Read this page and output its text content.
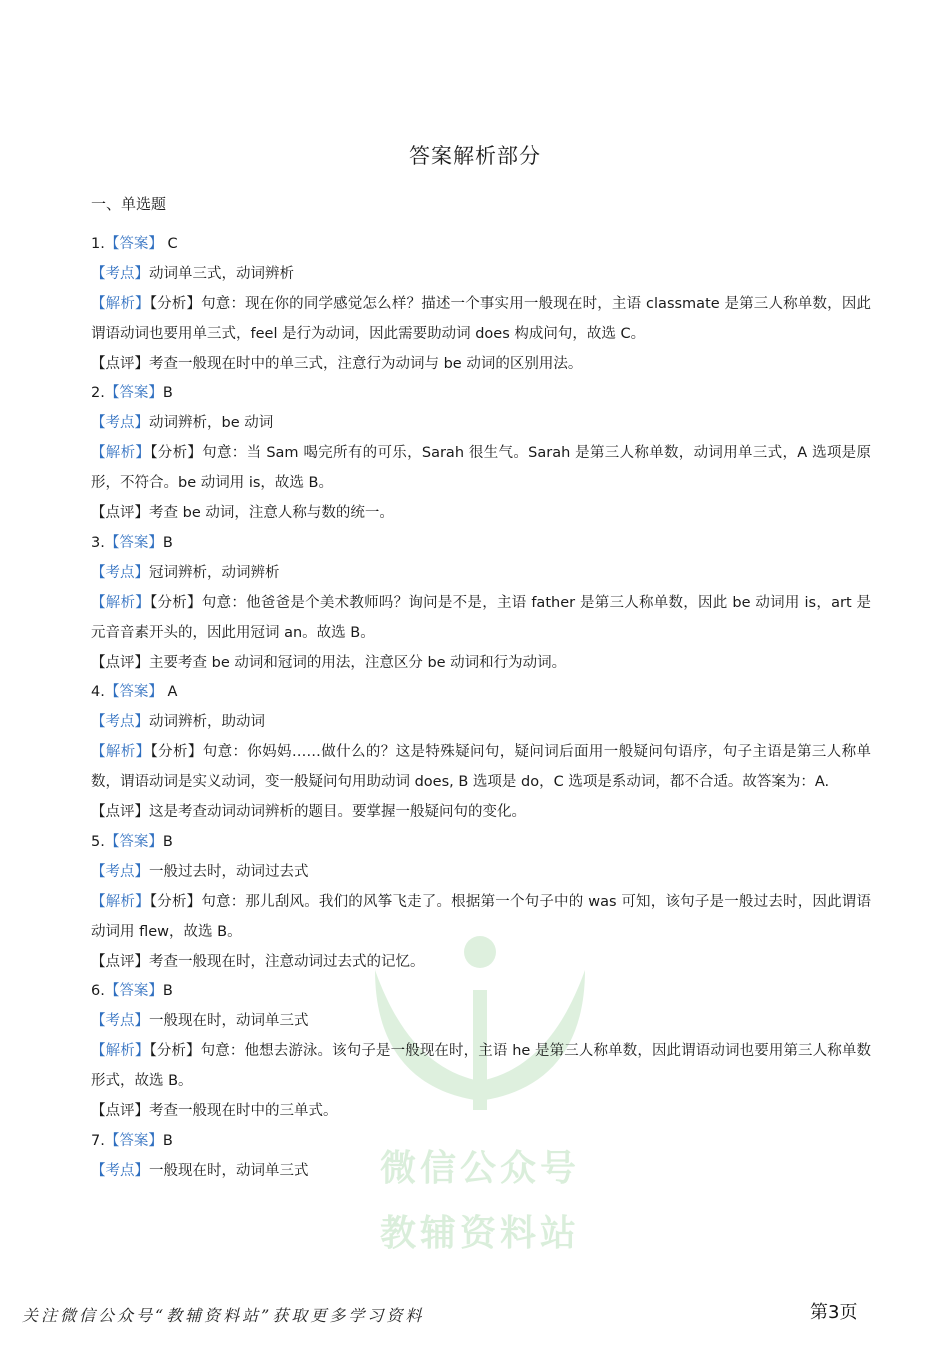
微信公众号
教辅资料站
答案解析部分
一、单选题
1.【答案】 C
【考点】动词单三式，动词辨析
【解析】【分析】句意：现在你的同学感觉怎么样？描述一个事实用一般现在时，主语 classmate 是第三人称单数，因此谓语动词也要用单三式，feel 是行为动词，因此需要助动词 does 构成问句，故选 C。
【点评】考查一般现在时中的单三式，注意行为动词与 be 动词的区别用法。
2.【答案】B
【考点】动词辨析，be 动词
【解析】【分析】句意：当 Sam 喝完所有的可乐，Sarah 很生气。Sarah 是第三人称单数，动词用单三式，A 选项是原形，不符合。be 动词用 is，故选 B。
【点评】考查 be 动词，注意人称与数的统一。
3.【答案】B
【考点】冠词辨析，动词辨析
【解析】【分析】句意：他爸爸是个美术教师吗？询问是不是，主语 father 是第三人称单数，因此 be 动词用 is，art 是元音音素开头的，因此用冠词 an。故选 B。
【点评】主要考查 be 动词和冠词的用法，注意区分 be 动词和行为动词。
4.【答案】 A
【考点】动词辨析，助动词
【解析】【分析】句意：你妈妈……做什么的？这是特殊疑问句，疑问词后面用一般疑问句语序，句子主语是第三人称单数，谓语动词是实义动词，变一般疑问句用助动词 does, B 选项是 do，C 选项是系动词，都不合适。故答案为：A.
【点评】这是考查动词动词辨析的题目。要掌握一般疑问句的变化。
5.【答案】B
【考点】一般过去时，动词过去式
【解析】【分析】句意：那儿刮风。我们的风筝飞走了。根据第一个句子中的 was 可知，该句子是一般过去时，因此谓语动词用 flew，故选 B。
【点评】考查一般现在时，注意动词过去式的记忆。
6.【答案】B
【考点】一般现在时，动词单三式
【解析】【分析】句意：他想去游泳。该句子是一般现在时，主语 he 是第三人称单数，因此谓语动词也要用第三人称单数形式，故选 B。
【点评】考查一般现在时中的三单式。
7.【答案】B
【考点】一般现在时，动词单三式
关注微信公众号“教辅资料站”获取更多学习资料	第3页
